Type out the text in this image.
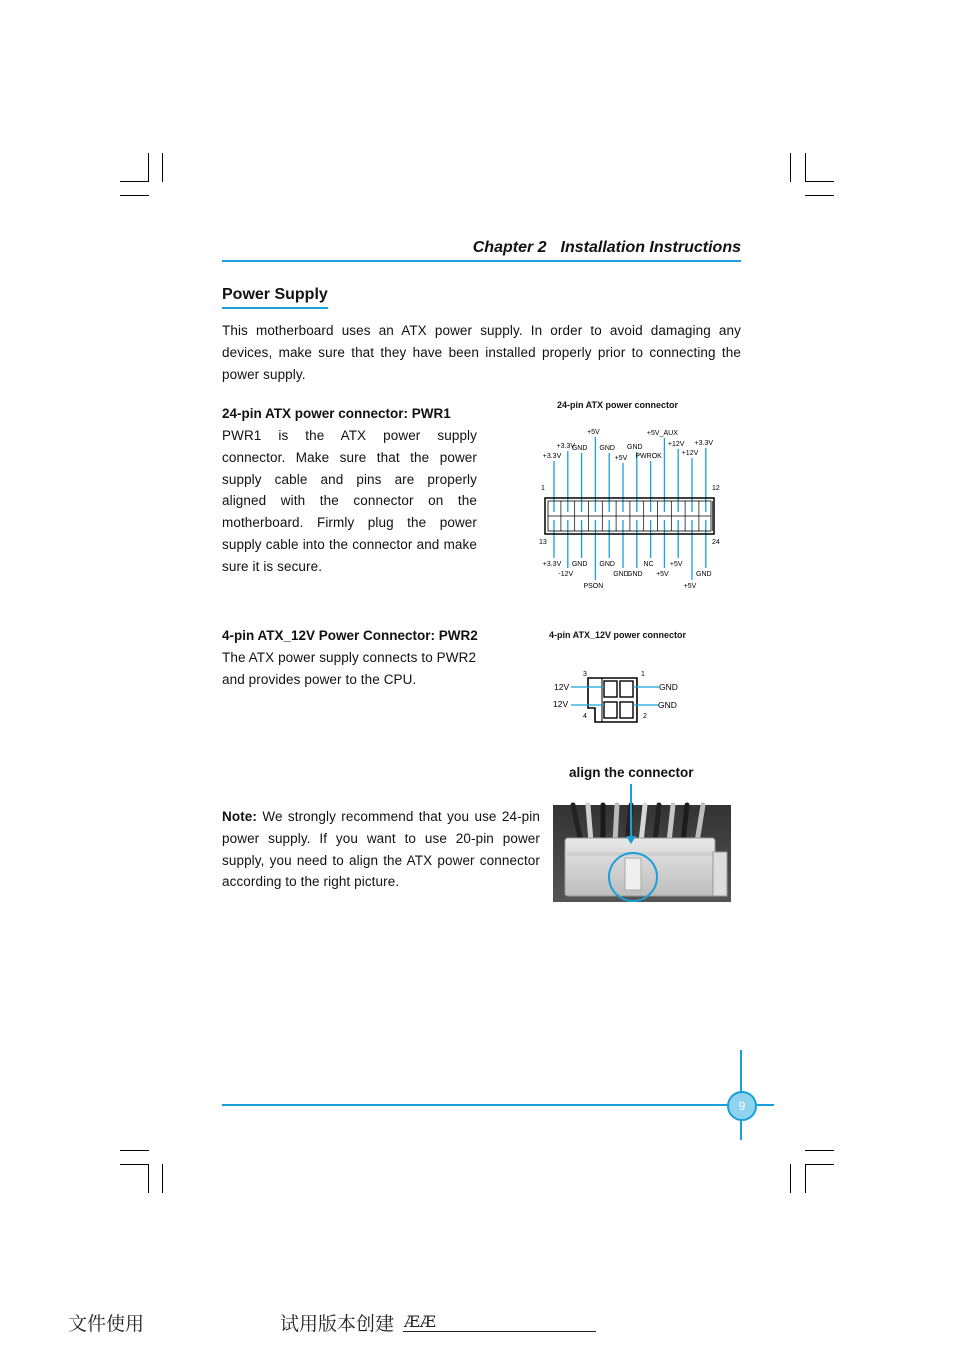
Chapter 2 Installation Instructions
Power Supply
This motherboard uses an ATX power supply. In order to avoid damaging any devices, make sure that they have been installed properly prior to connecting the power supply.
24-pin ATX power connector: PWR1
PWR1 is the ATX power supply connector. Make sure that the power supply cable and pins are properly aligned with the connector on the motherboard. Firmly plug the power supply cable into the connector and make sure it is secure.
24-pin ATX power connector
1	12
13	24
+3.3V
+3.3V
GND
+5V
GND
+5V
GND
PWROK
+5V_AUX
+12V
+12V
+3.3V
+3.3V
-12V
GND
PSON
GND
GND
GND
NC
+5V
+5V
+5V
GND
4-pin ATX_12V Power Connector: PWR2
The ATX power supply connects to PWR2 and provides power to the CPU.
4-pin ATX_12V power connector
3	1
4	2
12V
12V
GND
GND
align the connector
Note: We strongly recommend that you use 24-pin power supply. If you want to use 20-pin power supply, you need to align the ATX power connector according to the right picture.
9
文件使用	试用版本创建 ÆÆ
